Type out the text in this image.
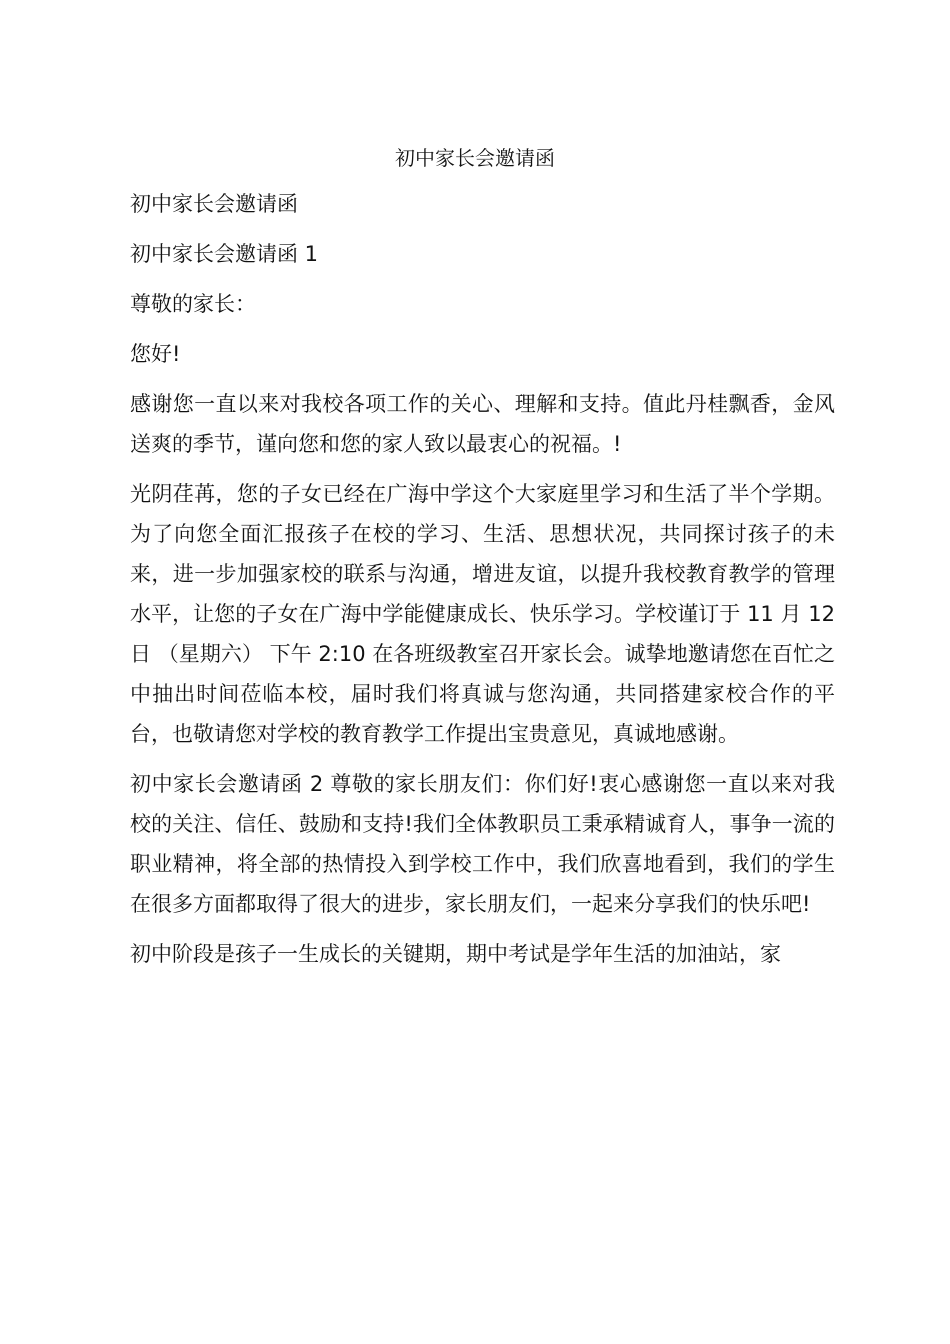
初中家长会邀请函

初中家长会邀请函

初中家长会邀请函 1

尊敬的家长：

您好!

感谢您一直以来对我校各项工作的关心、理解和支持。值此丹桂飘香，金风送爽的季节，谨向您和您的家人致以最衷心的祝福。!

光阴荏苒，您的子女已经在广海中学这个大家庭里学习和生活了半个学期。为了向您全面汇报孩子在校的学习、生活、思想状况，共同探讨孩子的未来，进一步加强家校的联系与沟通，增进友谊，以提升我校教育教学的管理水平，让您的子女在广海中学能健康成长、快乐学习。学校谨订于 11 月 12 日 （星期六） 下午 2:10 在各班级教室召开家长会。诚挚地邀请您在百忙之中抽出时间莅临本校，届时我们将真诚与您沟通，共同搭建家校合作的平台，也敬请您对学校的教育教学工作提出宝贵意见，真诚地感谢。

初中家长会邀请函 2 尊敬的家长朋友们：你们好!衷心感谢您一直以来对我校的关注、信任、鼓励和支持!我们全体教职员工秉承精诚育人，事争一流的职业精神，将全部的热情投入到学校工作中，我们欣喜地看到，我们的学生在很多方面都取得了很大的进步，家长朋友们，一起来分享我们的快乐吧!

初中阶段是孩子一生成长的关键期，期中考试是学年生活的加油站，家
